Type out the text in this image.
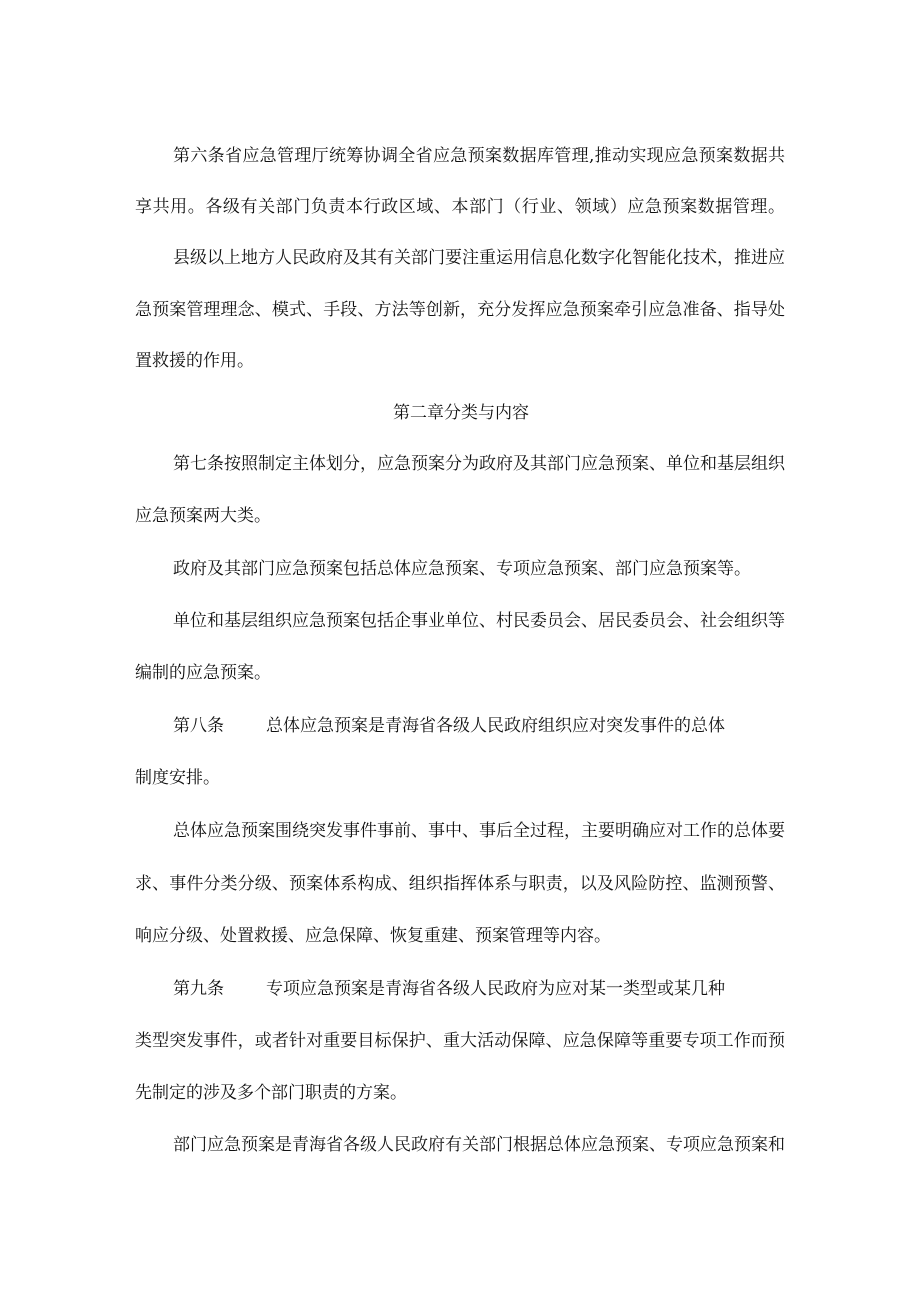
第六条省应急管理厅统筹协调全省应急预案数据库管理,推动实现应急预案数据共
享共用。各级有关部门负责本行政区域、本部门（行业、领域）应急预案数据管理。
县级以上地方人民政府及其有关部门要注重运用信息化数字化智能化技术，推进应
急预案管理理念、模式、手段、方法等创新，充分发挥应急预案牵引应急准备、指导处
置救援的作用。
第二章分类与内容
第七条按照制定主体划分，应急预案分为政府及其部门应急预案、单位和基层组织
应急预案两大类。
政府及其部门应急预案包括总体应急预案、专项应急预案、部门应急预案等。
单位和基层组织应急预案包括企事业单位、村民委员会、居民委员会、社会组织等
编制的应急预案。
第八条 总体应急预案是青海省各级人民政府组织应对突发事件的总体
制度安排。
总体应急预案围绕突发事件事前、事中、事后全过程，主要明确应对工作的总体要
求、事件分类分级、预案体系构成、组织指挥体系与职责，以及风险防控、监测预警、
响应分级、处置救援、应急保障、恢复重建、预案管理等内容。
第九条 专项应急预案是青海省各级人民政府为应对某一类型或某几种
类型突发事件，或者针对重要目标保护、重大活动保障、应急保障等重要专项工作而预
先制定的涉及多个部门职责的方案。
部门应急预案是青海省各级人民政府有关部门根据总体应急预案、专项应急预案和
